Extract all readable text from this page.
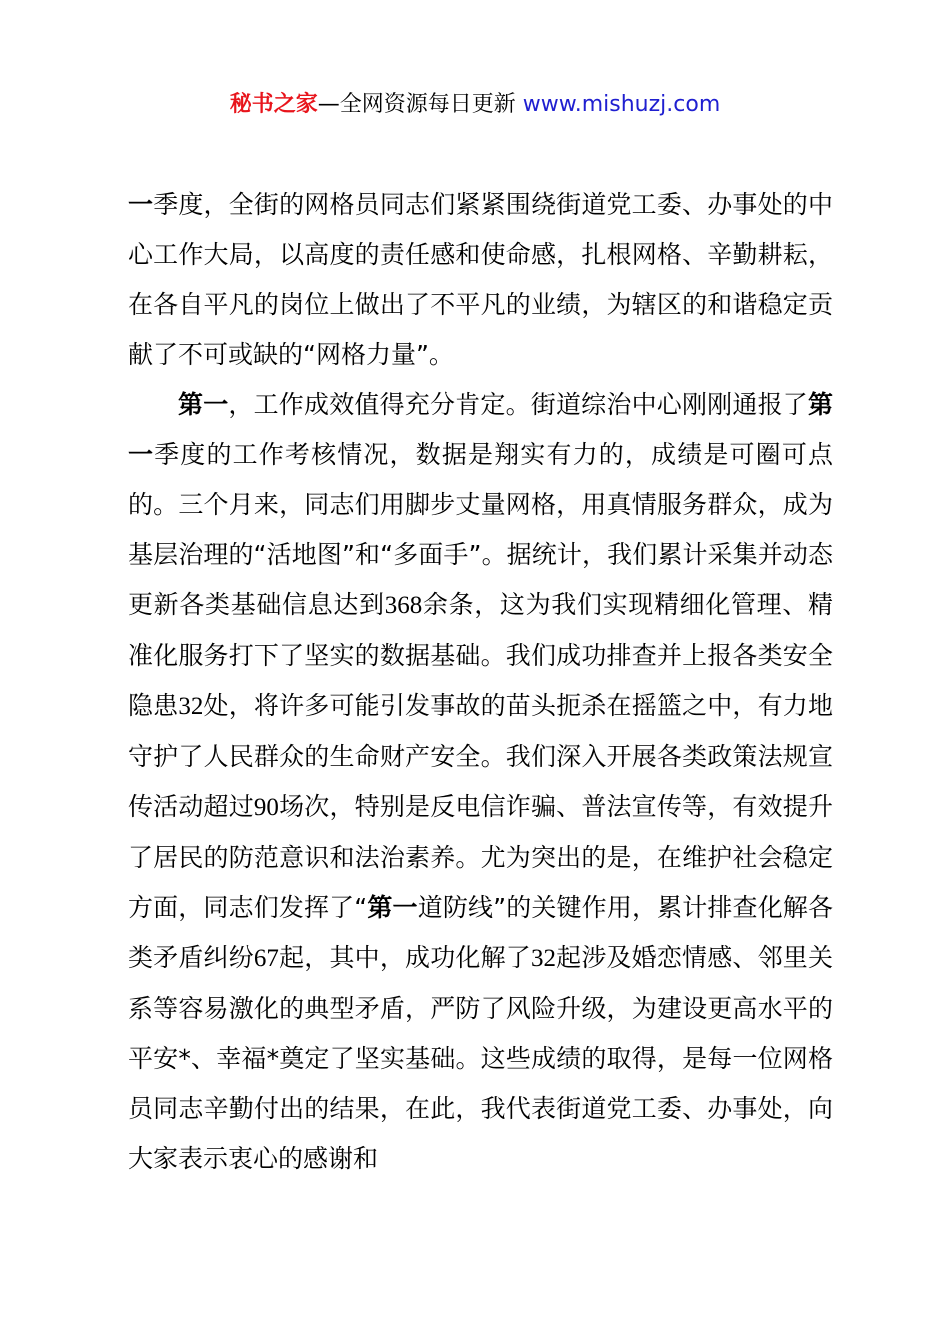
秘书之家—全网资源每日更新 www.mishuzj.com

一季度，全街的网格员同志们紧紧围绕街道党工委、办事处的中心工作大局，以高度的责任感和使命感，扎根网格、辛勤耕耘，在各自平凡的岗位上做出了不平凡的业绩，为辖区的和谐稳定贡献了不可或缺的“网格力量”。

第一，工作成效值得充分肯定。街道综治中心刚刚通报了第一季度的工作考核情况，数据是翔实有力的，成绩是可圈可点的。三个月来，同志们用脚步丈量网格，用真情服务群众，成为基层治理的“活地图”和“多面手”。据统计，我们累计采集并动态更新各类基础信息达到368余条，这为我们实现精细化管理、精准化服务打下了坚实的数据基础。我们成功排查并上报各类安全隐患32处，将许多可能引发事故的苗头扼杀在摇篮之中，有力地守护了人民群众的生命财产安全。我们深入开展各类政策法规宣传活动超过90场次，特别是反电信诈骗、普法宣传等，有效提升了居民的防范意识和法治素养。尤为突出的是，在维护社会稳定方面，同志们发挥了“第一道防线”的关键作用，累计排查化解各类矛盾纠纷67起，其中，成功化解了32起涉及婚恋情感、邻里关系等容易激化的典型矛盾，严防了风险升级，为建设更高水平的平安*、幸福*奠定了坚实基础。这些成绩的取得，是每一位网格员同志辛勤付出的结果，在此，我代表街道党工委、办事处，向大家表示衷心的感谢和
